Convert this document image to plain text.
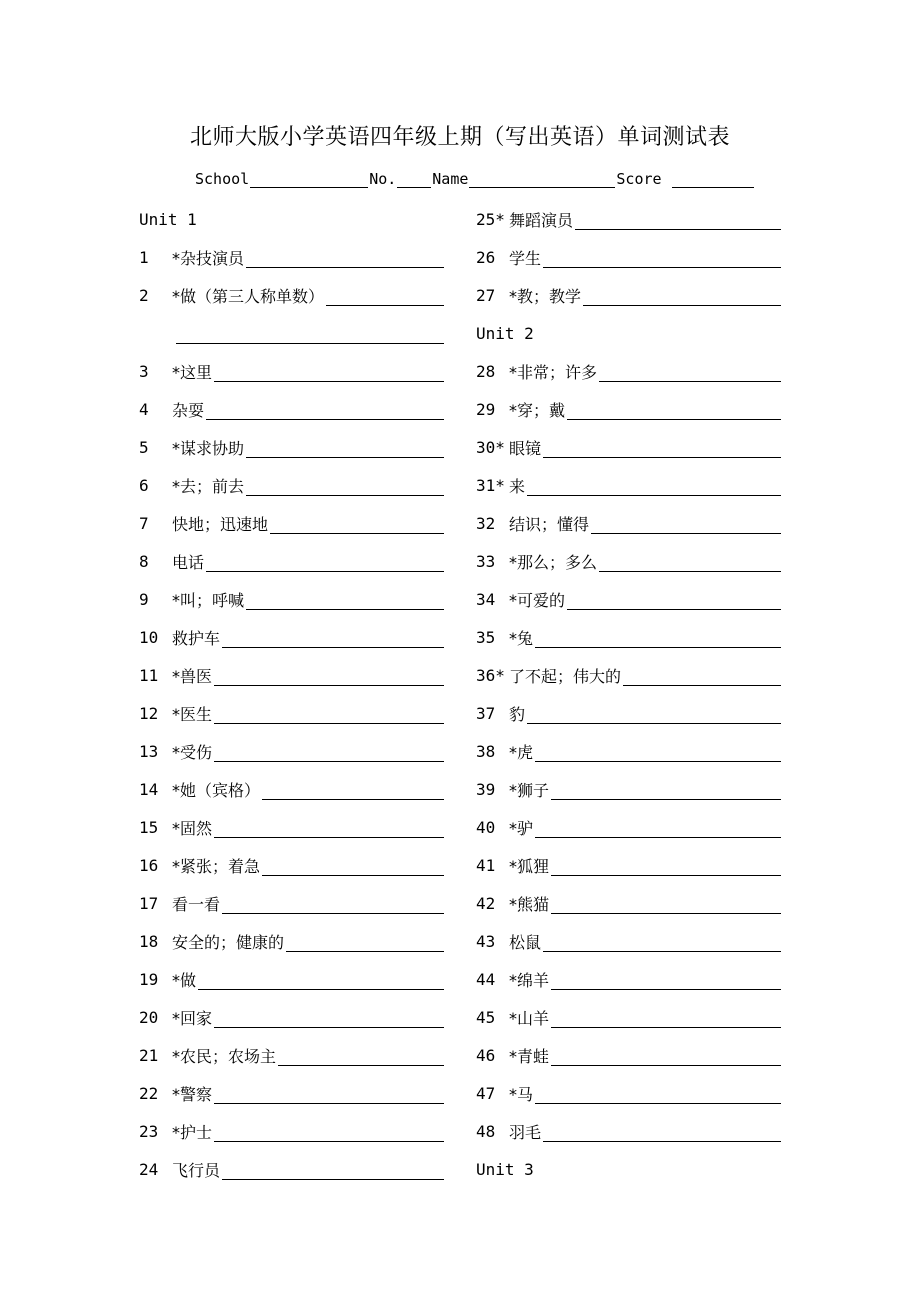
北师大版小学英语四年级上期（写出英语）单词测试表
School	No. Name	Score
Unit 1
1	*杂技演员
2	*做（第三人称单数）
3	*这里
4	杂耍
5	*谋求协助
6	*去；前去
7	快地；迅速地
8	电话
9	*叫；呼喊
10 救护车
11 *兽医
12 *医生
13 *受伤
14 *她（宾格）
15 *固然
16 *紧张；着急
17 看一看
18 安全的；健康的
19 *做
20 *回家
21 *农民；农场主
22 *警察
23 *护士
24 飞行员
25* 舞蹈演员
26 学生
27 *教；教学
Unit 2
28 *非常；许多
29 *穿；戴
30* 眼镜
31* 来
32 结识；懂得
33 *那么；多么
34 *可爱的
35 *兔
36* 了不起；伟大的
37 豹
38 *虎
39 *狮子
40 *驴
41 *狐狸
42 *熊猫
43 松鼠
44 *绵羊
45 *山羊
46 *青蛙
47 *马
48 羽毛
Unit 3
